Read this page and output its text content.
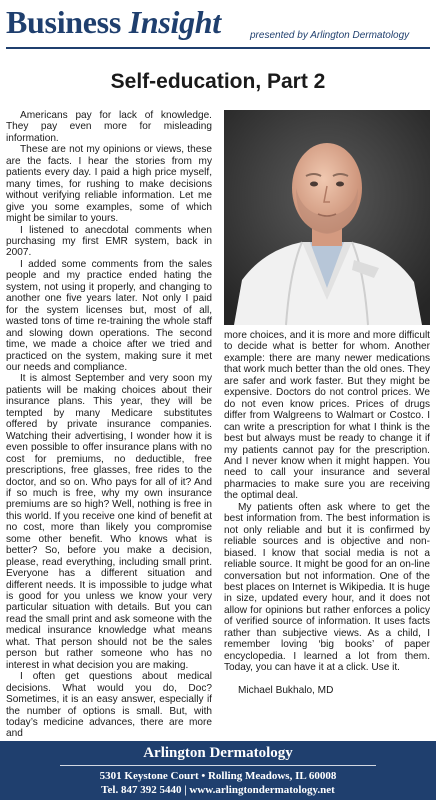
Business Insight	presented by Arlington Dermatology
Self-education, Part 2

Americans pay for lack of knowledge. They pay even more for misleading information.

These are not my opinions or views, these are the facts. I hear the stories from my patients every day. I paid a high price myself, many times, for rushing to make decisions without verifying reliable information. Let me give you some examples, some of which might be similar to yours.

I listened to anecdotal comments when purchasing my first EMR system, back in 2007.

I added some comments from the sales people and my practice ended hating the system, not using it properly, and changing to another one five years later. Not only I paid for the system licenses but, most of all, wasted tons of time re-training the whole staff and slowing down operations. The second time, we made a choice after we tried and practiced on the system, making sure it met our needs and compliance.

It is almost September and very soon my patients will be making choices about their insurance plans. This year, they will be tempted by many Medicare substitutes offered by private insurance companies. Watching their advertising, I wonder how it is even possible to offer insurance plans with no cost for premiums, no deductible, free prescriptions, free glasses, free rides to the doctor, and so on. Who pays for all of it? And if so much is free, why my own insurance premiums are so high? Well, nothing is free in this world. If you receive one kind of benefit at no cost, more than likely you compromise some other benefit. Who knows what is better? So, before you make a decision, please, read everything, including small print. Everyone has a different situation and different needs. It is impossible to judge what is good for you unless we know your very particular situation with details. But you can read the small print and ask someone with the medical insurance knowledge what means what. That person should not be the sales person but rather someone who has no interest in what decision you are making.

I often get questions about medical decisions. What would you do, Doc? Sometimes, it is an easy answer, especially if the number of options is small. But, with today’s medicine advances, there are more and

more choices, and it is more and more difficult to decide what is better for whom. Another example: there are many newer medications that work much better than the old ones. They are safer and work faster. But they might be expensive. Doctors do not control prices. We do not even know prices. Prices of drugs differ from Walgreens to Walmart or Costco. I can write a prescription for what I think is the best but always must be ready to change it if my patients cannot pay for the prescription. And I never know when it might happen. You need to call your insurance and several pharmacies to make sure you are receiving the optimal deal.

My patients often ask where to get the best information from. The best information is not only reliable and but it is confirmed by reliable sources and is objective and non-biased. I know that social media is not a reliable source. It might be good for an on-line conversation but not information. One of the best places on Internet is Wikipedia. It is huge in size, updated every hour, and it does not allow for opinions but rather enforces a policy of verified source of information. It uses facts rather than subjective views. As a child, I remember loving ‘big books’ of paper encyclopedia. I learned a lot from them. Today, you can have it at a click. Use it.

Michael Bukhalo, MD

Arlington Dermatology
5301 Keystone Court • Rolling Meadows, IL 60008
Tel. 847 392 5440 | www.arlingtondermatology.net
